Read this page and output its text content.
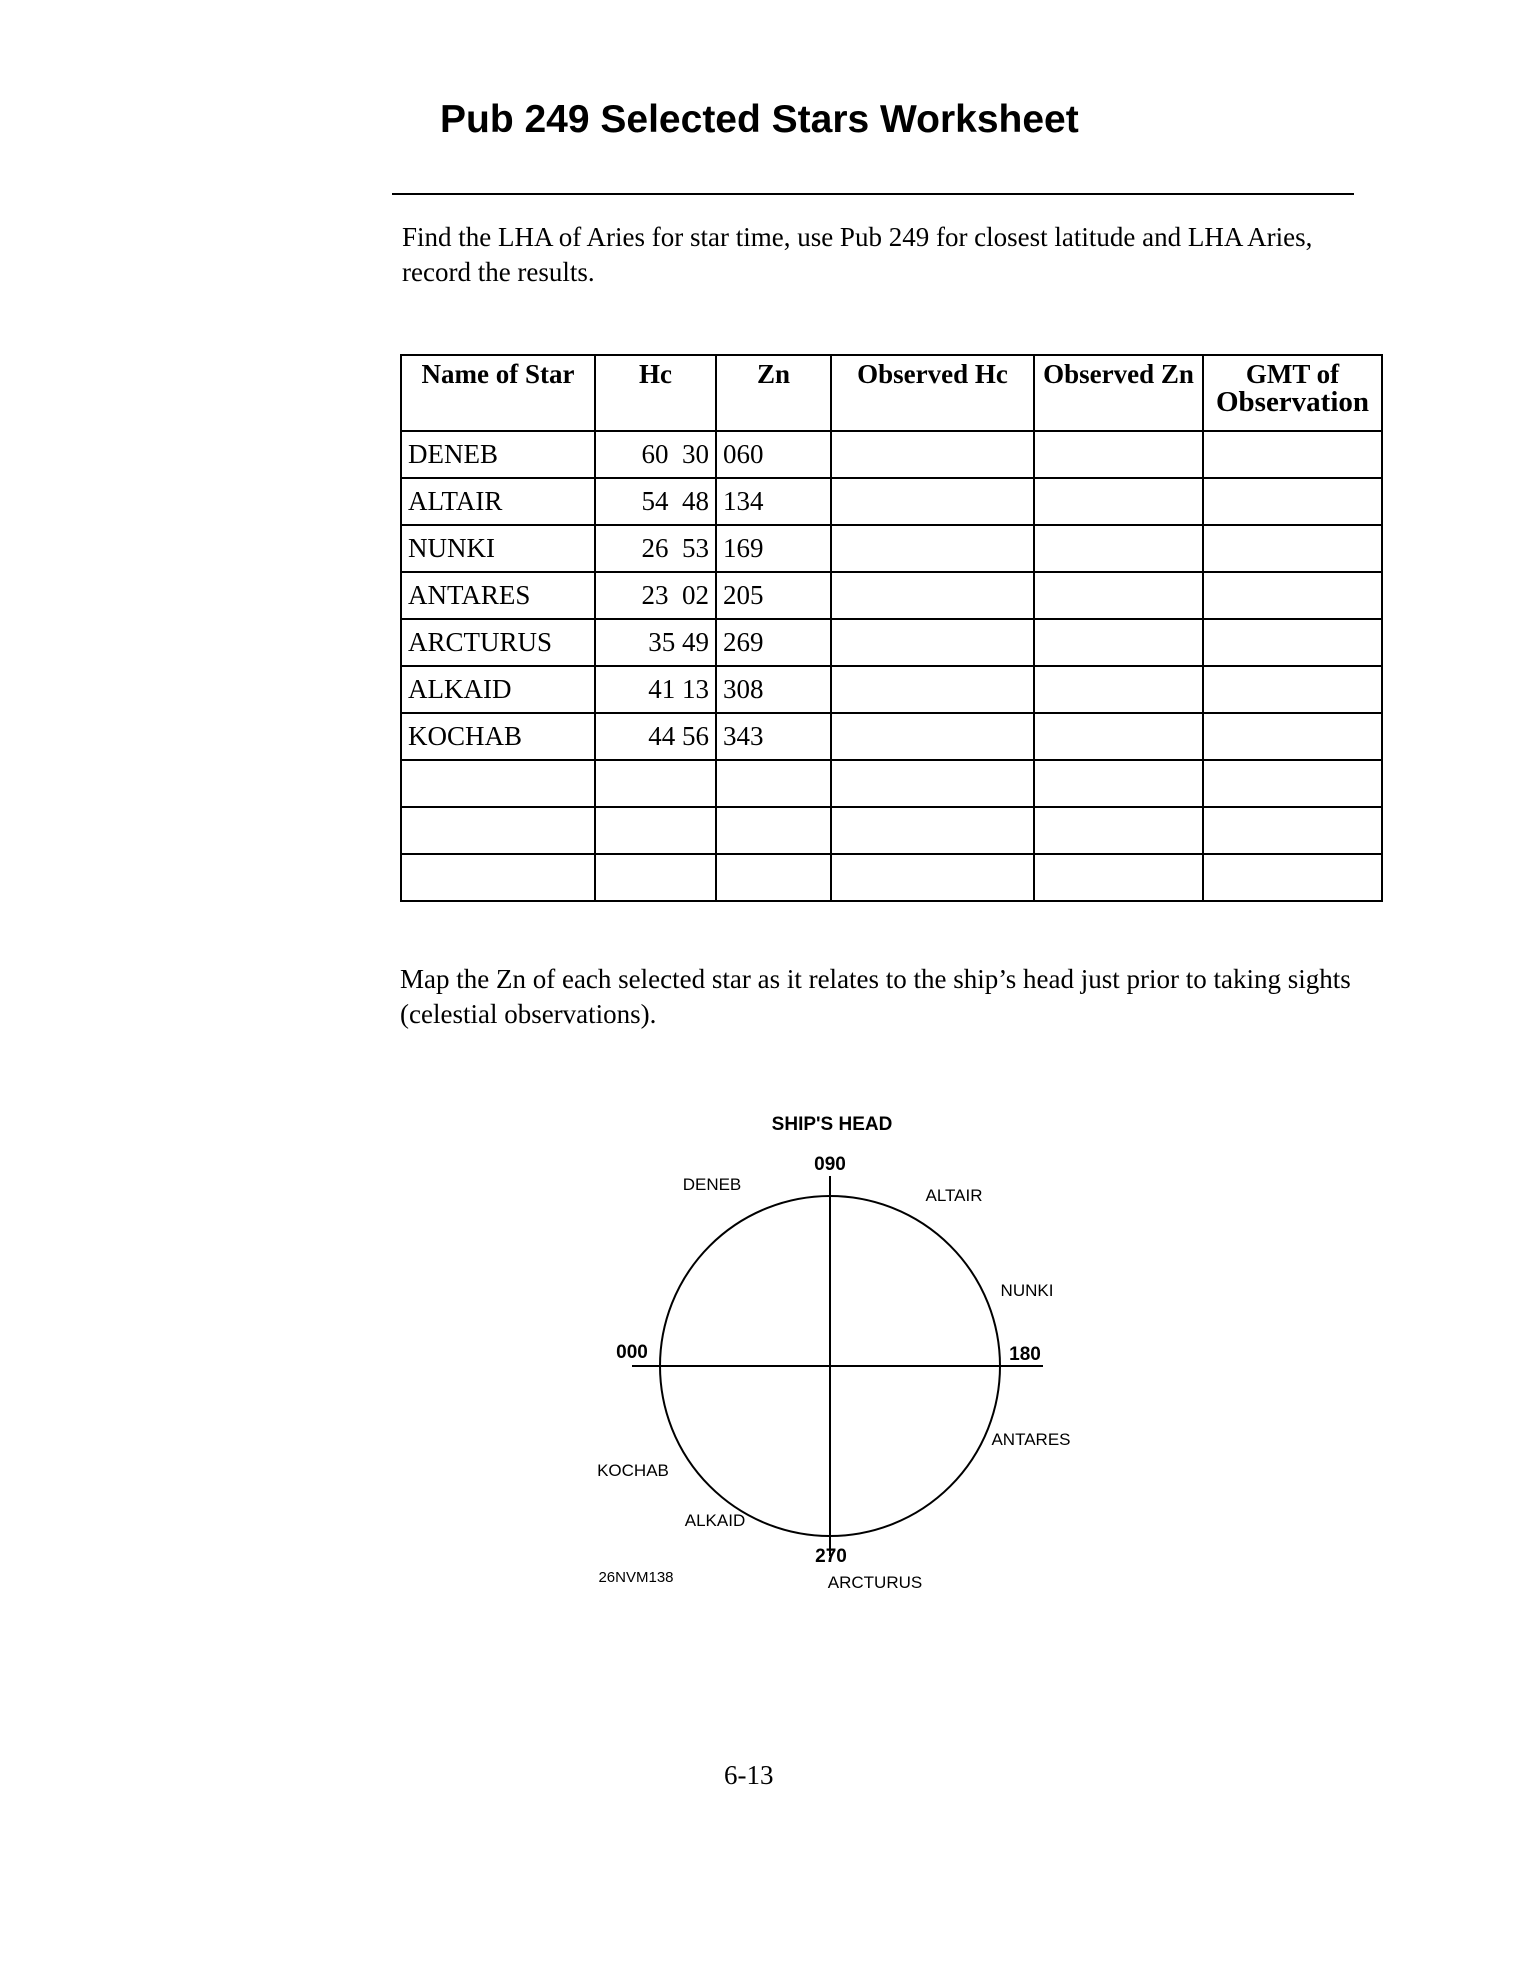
Pub 249 Selected Stars Worksheet

Find the LHA of Aries for star time, use Pub 249 for closest latitude and LHA Aries, record the results.

Name of Star	Hc	Zn	Observed Hc	Observed Zn	GMT of
Observation
DENEB	60  30	060			
ALTAIR	54  48	134			
NUNKI	26  53	169			
ANTARES	23  02	205			
ARCTURUS	35 49	269			
ALKAID	41 13	308			
KOCHAB	44 56	343			

Map the Zn of each selected star as it relates to the ship’s head just prior to taking sights (celestial observations).

SHIP'S HEAD
090
000	180
270
DENEB
ALTAIR
NUNKI
ANTARES
KOCHAB
ALKAID
ARCTURUS
26NVM138
6-13
